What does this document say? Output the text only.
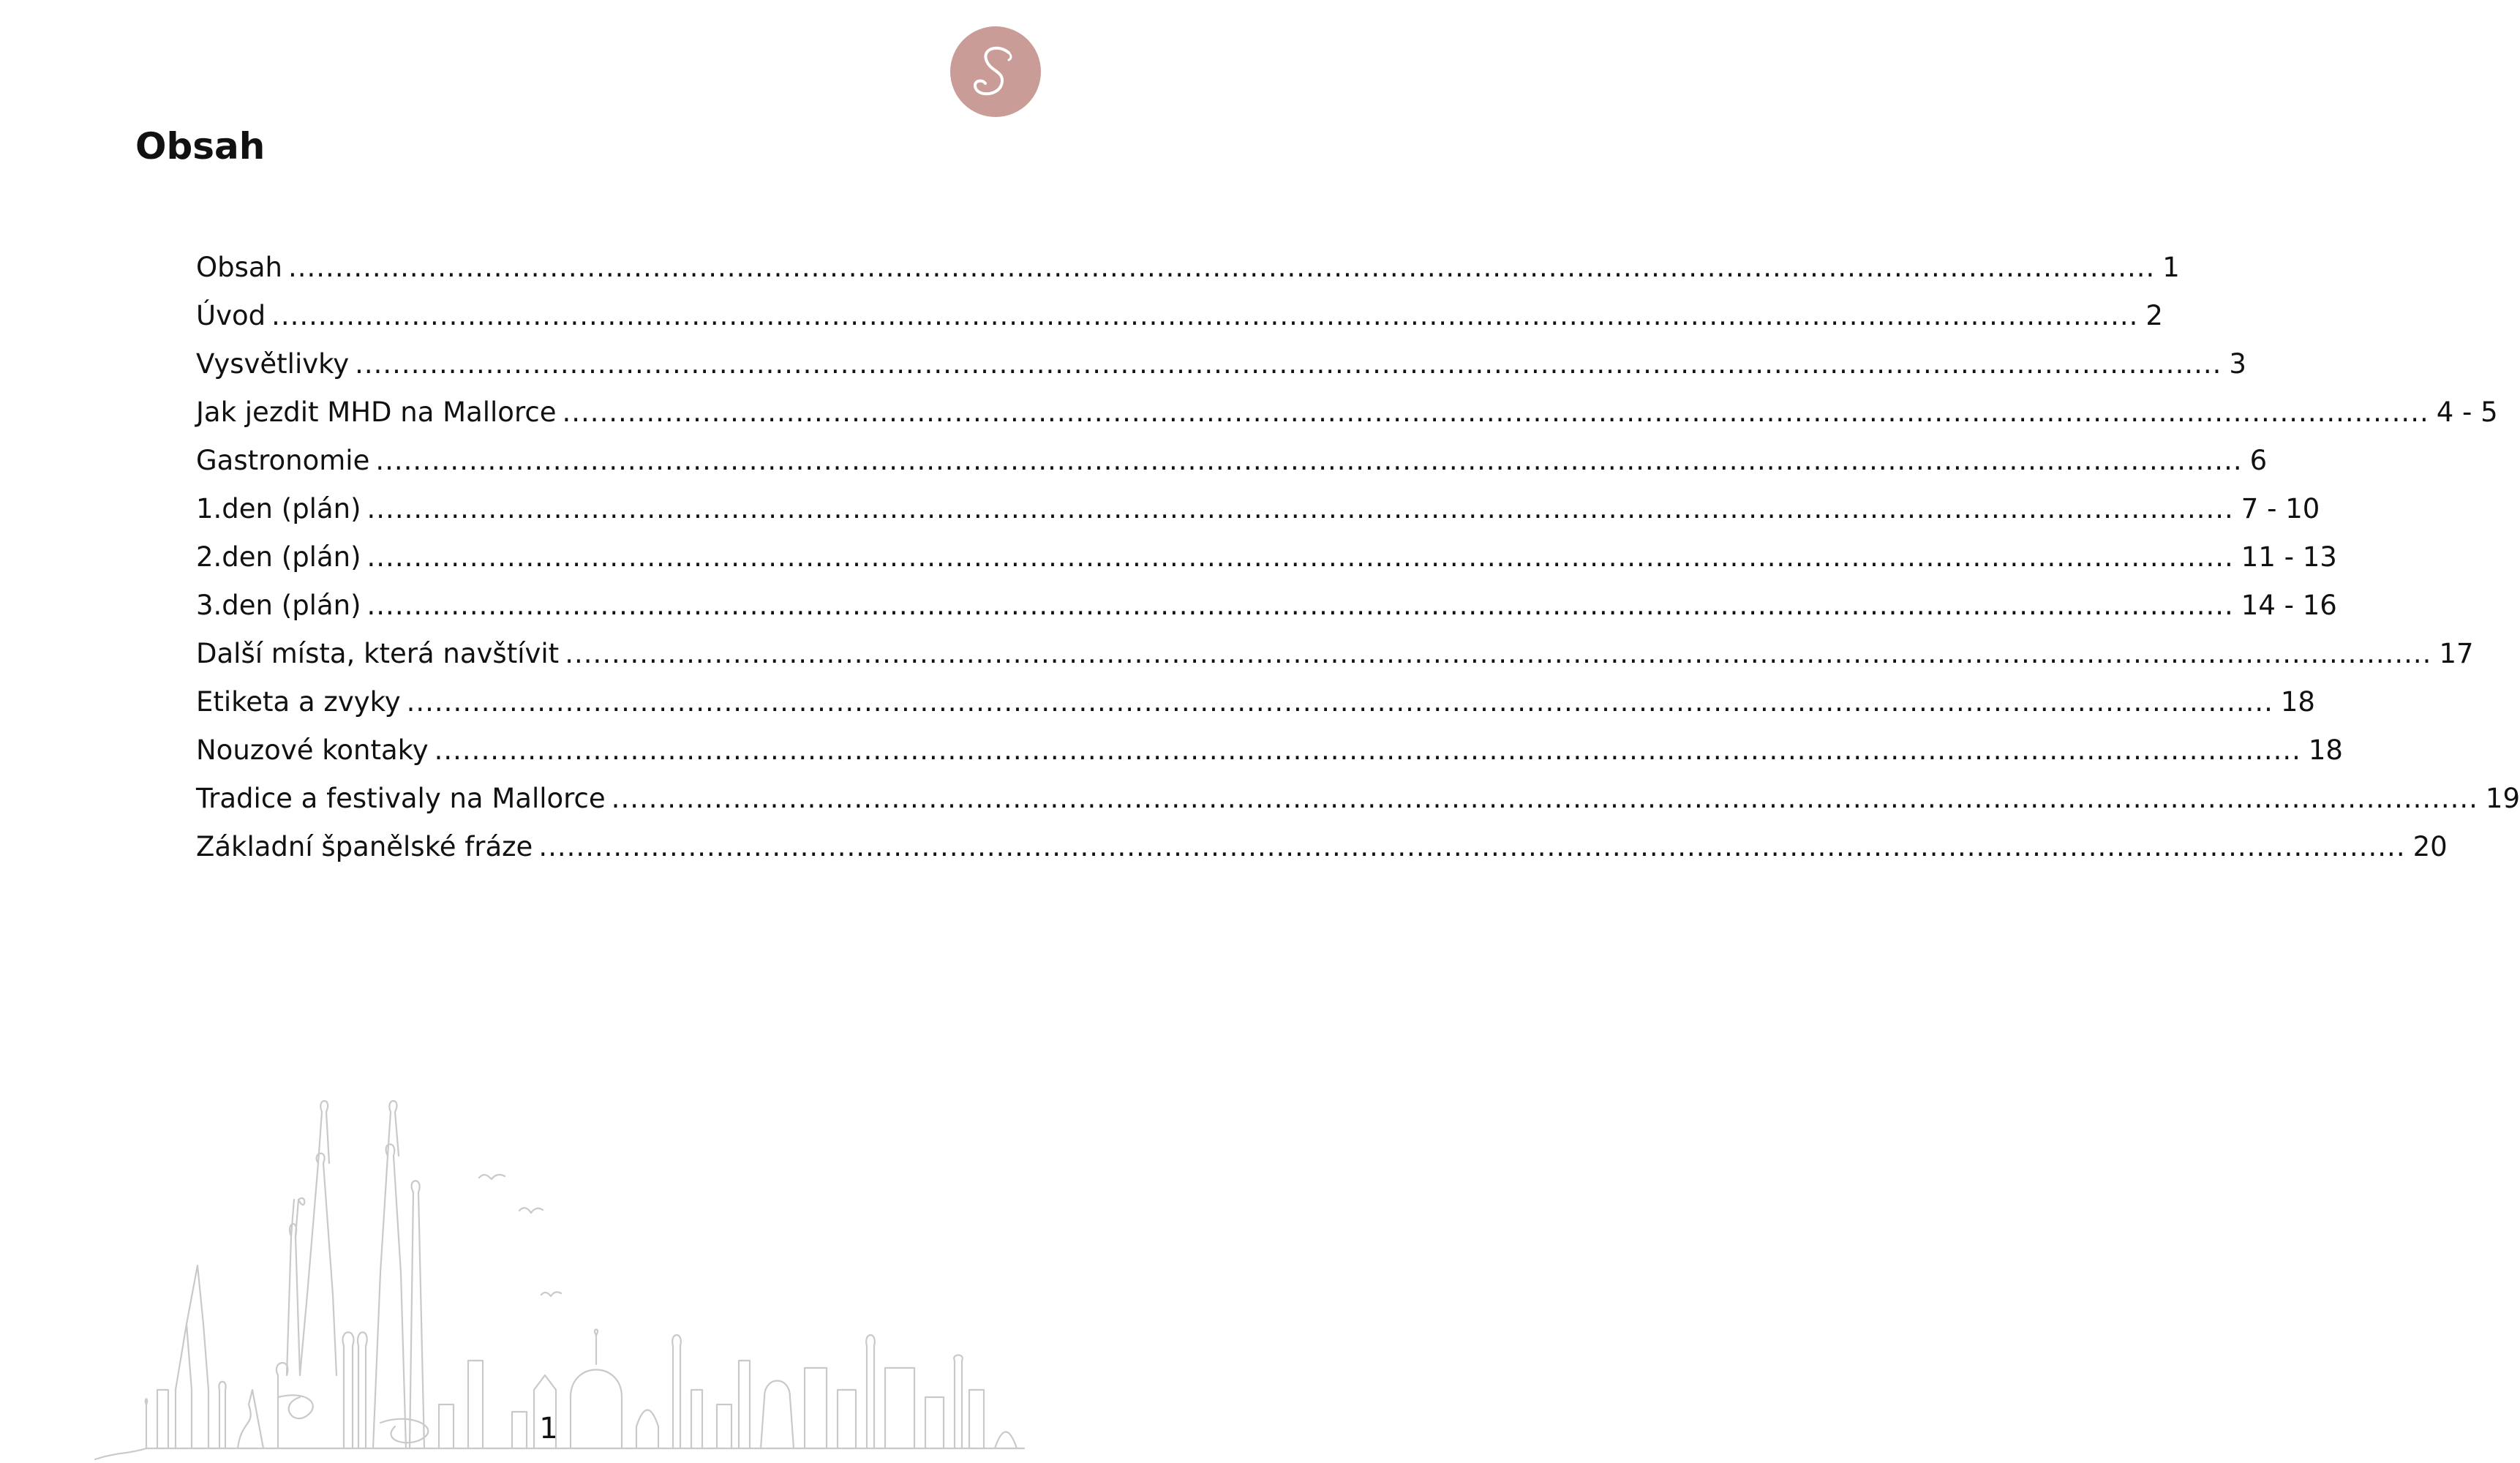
Obsah
Obsah ........................................................................................................................................................................................................ 1
Úvod ........................................................................................................................................................................................................ 2
Vysvětlivky ........................................................................................................................................................................................................ 3
Jak jezdit MHD na Mallorce ........................................................................................................................................................................................................ 4 - 5
Gastronomie ........................................................................................................................................................................................................ 6
1.den (plán) ........................................................................................................................................................................................................ 7 - 10
2.den (plán) ........................................................................................................................................................................................................ 11 - 13
3.den (plán) ........................................................................................................................................................................................................ 14 - 16
Další místa, která navštívit ........................................................................................................................................................................................................ 17
Etiketa a zvyky ........................................................................................................................................................................................................ 18
Nouzové kontaky ........................................................................................................................................................................................................ 18
Tradice a festivaly na Mallorce ........................................................................................................................................................................................................ 19
Základní španělské fráze ........................................................................................................................................................................................................ 20
1
